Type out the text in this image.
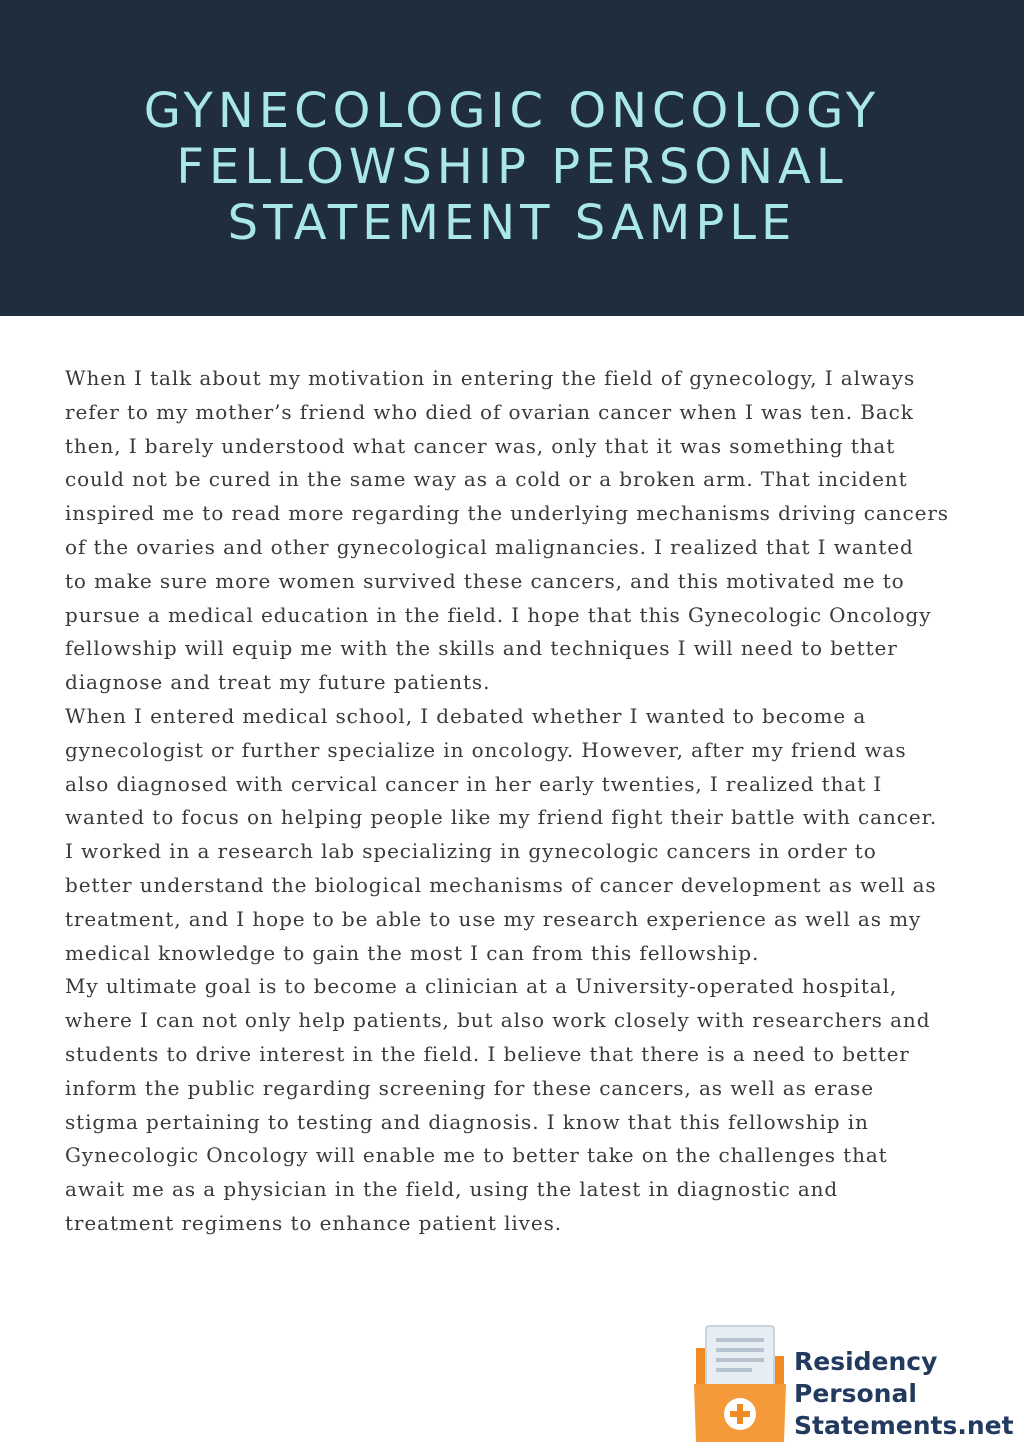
GYNECOLOGIC ONCOLOGY
FELLOWSHIP PERSONAL
STATEMENT SAMPLE
When I talk about my motivation in entering the field of gynecology, I always
refer to my mother’s friend who died of ovarian cancer when I was ten. Back
then, I barely understood what cancer was, only that it was something that
could not be cured in the same way as a cold or a broken arm. That incident
inspired me to read more regarding the underlying mechanisms driving cancers
of the ovaries and other gynecological malignancies. I realized that I wanted
to make sure more women survived these cancers, and this motivated me to
pursue a medical education in the field. I hope that this Gynecologic Oncology
fellowship will equip me with the skills and techniques I will need to better
diagnose and treat my future patients.
When I entered medical school, I debated whether I wanted to become a
gynecologist or further specialize in oncology. However, after my friend was
also diagnosed with cervical cancer in her early twenties, I realized that I
wanted to focus on helping people like my friend fight their battle with cancer.
I worked in a research lab specializing in gynecologic cancers in order to
better understand the biological mechanisms of cancer development as well as
treatment, and I hope to be able to use my research experience as well as my
medical knowledge to gain the most I can from this fellowship.
My ultimate goal is to become a clinician at a University-operated hospital,
where I can not only help patients, but also work closely with researchers and
students to drive interest in the field. I believe that there is a need to better
inform the public regarding screening for these cancers, as well as erase
stigma pertaining to testing and diagnosis. I know that this fellowship in
Gynecologic Oncology will enable me to better take on the challenges that
await me as a physician in the field, using the latest in diagnostic and
treatment regimens to enhance patient lives.
Residency
Personal
Statements.net
